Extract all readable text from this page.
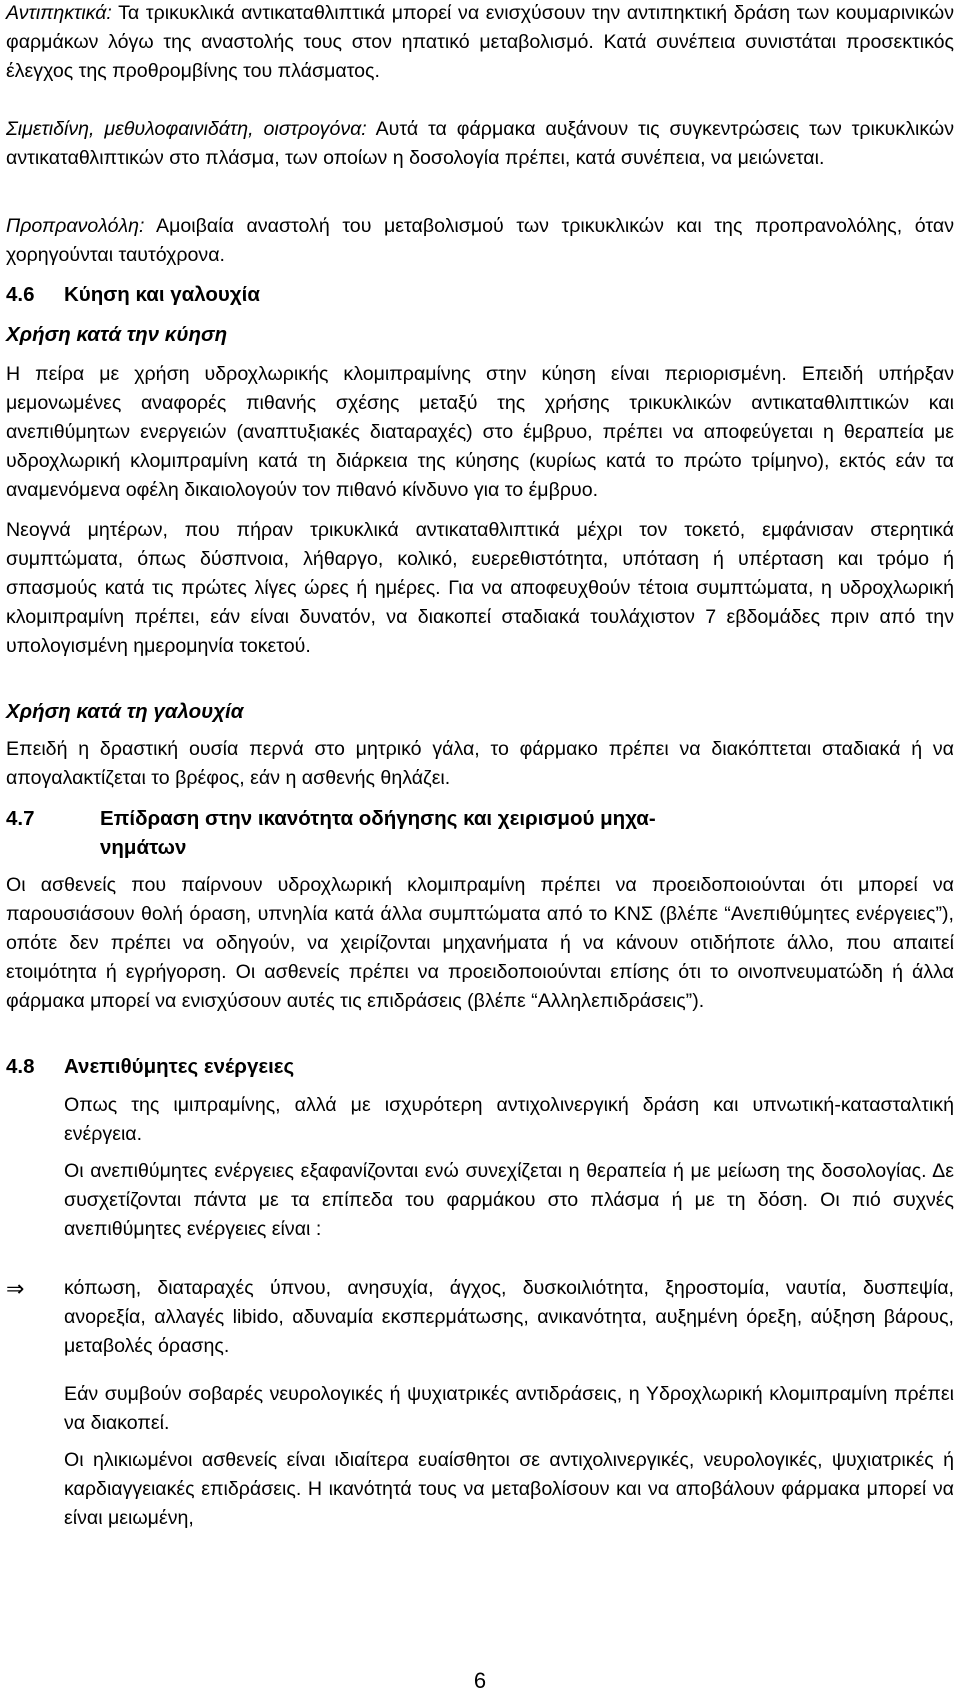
Αντιπηκτικά: Τα τρικυκλικά αντικαταθλιπτικά μπορεί να ενισχύσουν την αντιπηκτική δράση των κουμαρινικών φαρμάκων λόγω της αναστολής τους στον ηπατικό μεταβολισμό. Κατά συνέπεια συνιστάται προσεκτικός έλεγχος της προθρομβίνης του πλάσματος.

Σιμετιδίνη, μεθυλοφαινιδάτη, οιστρογόνα: Αυτά τα φάρμακα αυξάνουν τις συγκεντρώσεις των τρικυκλικών αντικαταθλιπτικών στο πλάσμα, των οποίων η δοσολογία πρέπει, κατά συνέπεια, να μειώνεται.

Προπρανολόλη: Αμοιβαία αναστολή του μεταβολισμού των τρικυκλικών και της προπρανολόλης, όταν χορηγούνται ταυτόχρονα.

4.6	Κύηση και γαλουχία
Χρήση κατά την κύηση

Η πείρα με χρήση υδροχλωρικής κλομιπραμίνης στην κύηση είναι περιορισμένη. Επειδή υπήρξαν μεμονωμένες αναφορές πιθανής σχέσης μεταξύ της χρήσης τρικυκλικών αντικαταθλιπτικών και ανεπιθύμητων ενεργειών (αναπτυξιακές διαταραχές) στο έμβρυο, πρέπει να αποφεύγεται η θεραπεία με υδροχλωρική κλομιπραμίνη κατά τη διάρκεια της κύησης (κυρίως κατά το πρώτο τρίμηνο), εκτός εάν τα αναμενόμενα οφέλη δικαιολογούν τον πιθανό κίνδυνο για το έμβρυο.

Νεογνά μητέρων, που πήραν τρικυκλικά αντικαταθλιπτικά μέχρι τον τοκετό, εμφάνισαν στερητικά συμπτώματα, όπως δύσπνοια, λήθαργο, κολικό, ευερεθιστότητα, υπόταση ή υπέρταση και τρόμο ή σπασμούς κατά τις πρώτες λίγες ώρες ή ημέρες. Για να αποφευχθούν τέτοια συμπτώματα, η υδροχλωρική κλομιπραμίνη πρέπει, εάν είναι δυνατόν, να διακοπεί σταδιακά τουλάχιστον 7 εβδομάδες πριν από την υπολογισμένη ημερομηνία τοκετού.

Χρήση κατά τη γαλουχία

Επειδή η δραστική ουσία περνά στο μητρικό γάλα, το φάρμακο πρέπει να διακόπτεται σταδιακά ή να απογαλακτίζεται το βρέφος, εάν η ασθενής θηλάζει.

4.7	Επίδραση στην ικανότητα οδήγησης και χειρισμού μηχα-νημάτων

Οι ασθενείς που παίρνουν υδροχλωρική κλομιπραμίνη πρέπει να προειδοποιούνται ότι μπορεί να παρουσιάσουν θολή όραση, υπνηλία κατά άλλα συμπτώματα από το ΚΝΣ (βλέπε “Ανεπιθύμητες ενέργειες”), οπότε δεν πρέπει να οδηγούν, να χειρίζονται μηχανήματα ή να κάνουν οτιδήποτε άλλο, που απαιτεί ετοιμότητα ή εγρήγορση. Οι ασθενείς πρέπει να προειδοποιούνται επίσης ότι το οινοπνευματώδη ή άλλα φάρμακα μπορεί να ενισχύσουν αυτές τις επιδράσεις (βλέπε “Αλληλεπιδράσεις”).

4.8	Ανεπιθύμητες ενέργειες

Οπως της ιμιπραμίνης, αλλά με ισχυρότερη αντιχολινεργική δράση και υπνωτική-κατασταλτική ενέργεια.

Οι ανεπιθύμητες ενέργειες εξαφανίζονται ενώ συνεχίζεται η θεραπεία ή με μείωση της δοσολογίας. Δε συσχετίζονται πάντα με τα επίπεδα του φαρμάκου στο πλάσμα ή με τη δόση. Οι πιό συχνές ανεπιθύμητες ενέργειες είναι :

⇒	κόπωση, διαταραχές ύπνου, ανησυχία, άγχος, δυσκοιλιότητα, ξηροστομία, ναυτία, δυσπεψία, ανορεξία, αλλαγές libido, αδυναμία εκσπερμάτωσης, ανικανότητα, αυξημένη όρεξη, αύξηση βάρους, μεταβολές όρασης.

Εάν συμβούν σοβαρές νευρολογικές ή ψυχιατρικές αντιδράσεις, η Υδροχλωρική κλομιπραμίνη πρέπει να διακοπεί.

Οι ηλικιωμένοι ασθενείς είναι ιδιαίτερα ευαίσθητοι σε αντιχολινεργικές, νευρολογικές, ψυχιατρικές ή καρδιαγγειακές επιδράσεις. Η ικανότητά τους να μεταβολίσουν και να αποβάλουν φάρμακα μπορεί να είναι μειωμένη,

6
